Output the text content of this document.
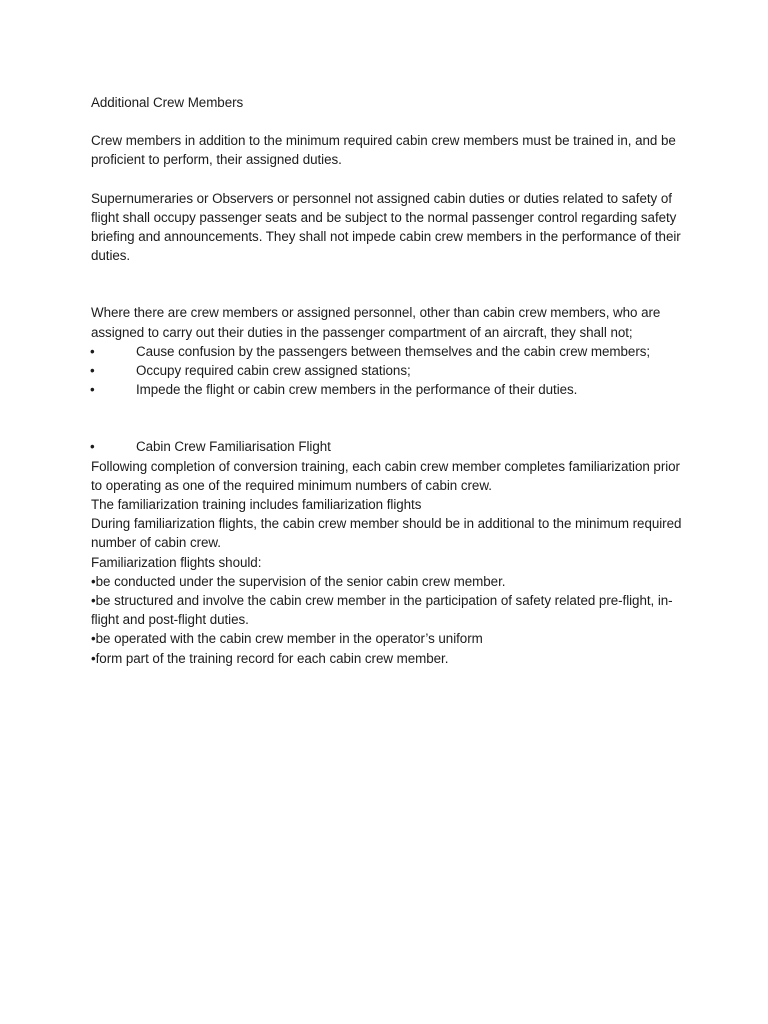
Additional Crew Members

Crew members in addition to the minimum required cabin crew members must be trained in, and be proficient to perform, their assigned duties.

Supernumeraries or Observers or personnel not assigned cabin duties or duties related to safety of flight shall occupy passenger seats and be subject to the normal passenger control regarding safety briefing and announcements. They shall not impede cabin crew members in the performance of their duties.

Where there are crew members or assigned personnel, other than cabin crew members, who are assigned to carry out their duties in the passenger compartment of an aircraft, they shall not;

•	Cause confusion by the passengers between themselves and the cabin crew members;
•	Occupy required cabin crew assigned stations;
•	Impede the flight or cabin crew members in the performance of their duties.
•	Cabin Crew Familiarisation Flight

Following completion of conversion training, each cabin crew member completes familiarization prior to operating as one of the required minimum numbers of cabin crew.

The familiarization training includes familiarization flights

During familiarization flights, the cabin crew member should be in additional to the minimum required number of cabin crew.

Familiarization flights should:

•be conducted under the supervision of the senior cabin crew member.

•be structured and involve the cabin crew member in the participation of safety related pre-flight, in-flight and post-flight duties.

•be operated with the cabin crew member in the operator’s uniform

•form part of the training record for each cabin crew member.
